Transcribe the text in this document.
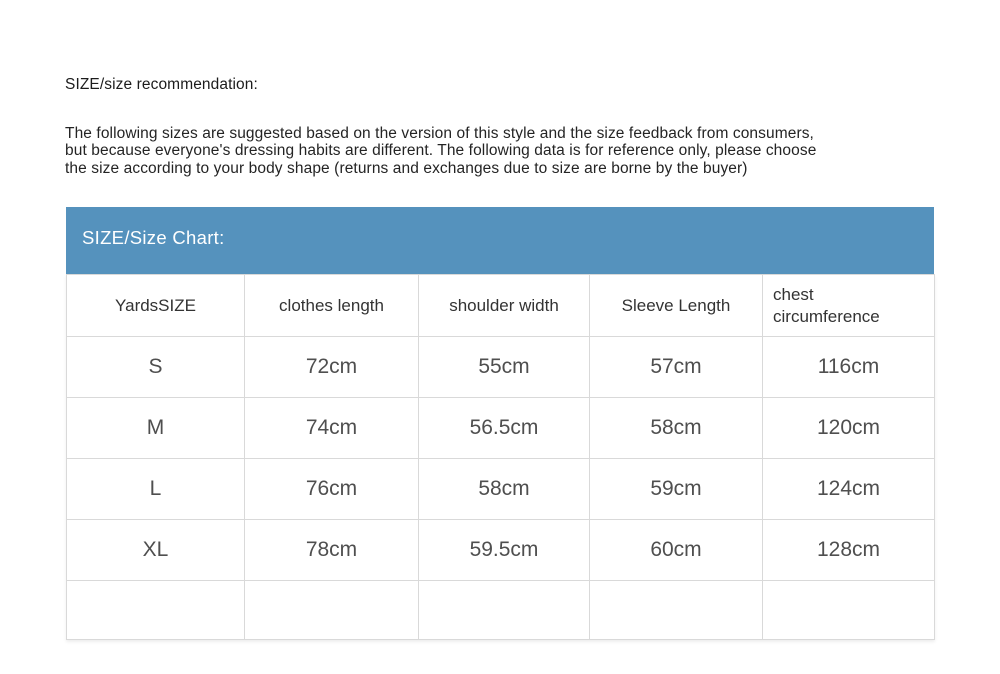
SIZE/size recommendation:
The following sizes are suggested based on the version of this style and the size feedback from consumers,
but because everyone's dressing habits are different. The following data is for reference only, please choose
the size according to your body shape (returns and exchanges due to size are borne by the buyer)
SIZE/Size Chart:
YardsSIZE	clothes length	shoulder width	Sleeve Length	chest circumference
S	72cm	55cm	57cm	116cm
M	74cm	56.5cm	58cm	120cm
L	76cm	58cm	59cm	124cm
XL	78cm	59.5cm	60cm	128cm
